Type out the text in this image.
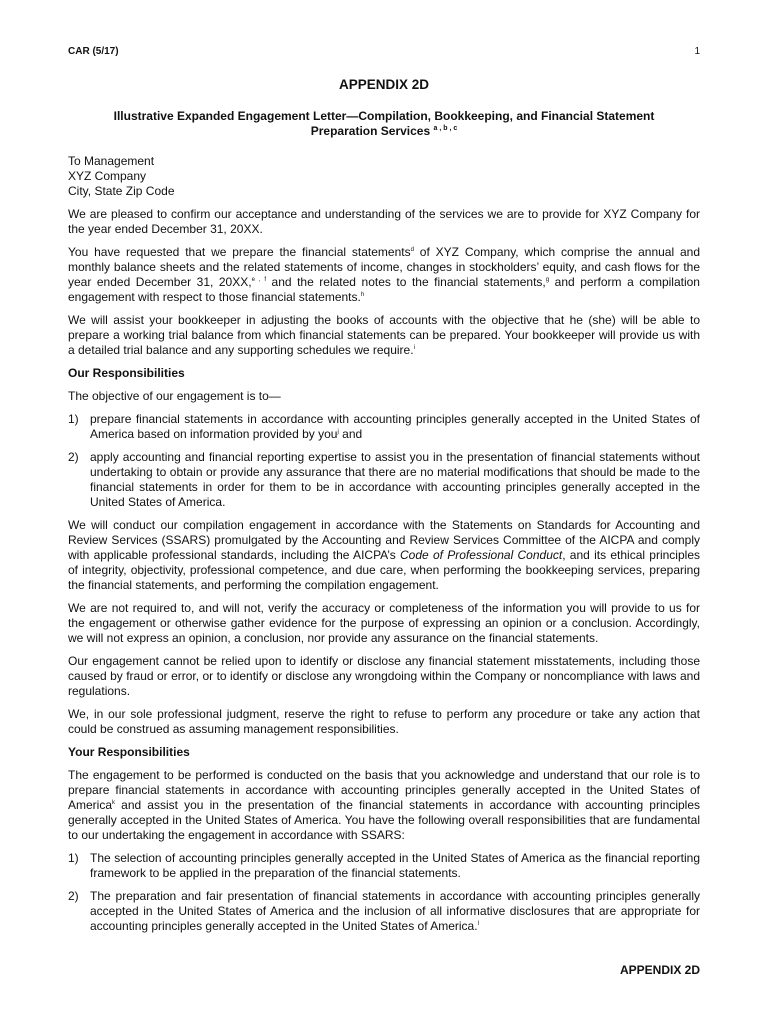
CAR (5/17)	1
APPENDIX 2D
Illustrative Expanded Engagement Letter—Compilation, Bookkeeping, and Financial Statement Preparation Services $^{a , b , c}$

To Management
XYZ Company
City, State Zip Code

We are pleased to confirm our acceptance and understanding of the services we are to provide for XYZ Company for the year ended December 31, 20XX.

You have requested that we prepare the financial statements$^d$ of XYZ Company, which comprise the annual and monthly balance sheets and the related statements of income, changes in stockholders’ equity, and cash flows for the year ended December 31, 20XX,$^{e , f}$ and the related notes to the financial statements,$^g$ and perform a compilation engagement with respect to those financial statements.$^h$

We will assist your bookkeeper in adjusting the books of accounts with the objective that he (she) will be able to prepare a working trial balance from which financial statements can be prepared. Your bookkeeper will provide us with a detailed trial balance and any supporting schedules we require.$^i$

Our Responsibilities

The objective of our engagement is to—

1) prepare financial statements in accordance with accounting principles generally accepted in the United States of America based on information provided by you$^j$ and
2) apply accounting and financial reporting expertise to assist you in the presentation of financial statements without undertaking to obtain or provide any assurance that there are no material modifications that should be made to the financial statements in order for them to be in accordance with accounting principles generally accepted in the United States of America.

We will conduct our compilation engagement in accordance with the Statements on Standards for Accounting and Review Services (SSARS) promulgated by the Accounting and Review Services Committee of the AICPA and comply with applicable professional standards, including the AICPA’s Code of Professional Conduct, and its ethical principles of integrity, objectivity, professional competence, and due care, when performing the bookkeeping services, preparing the financial statements, and performing the compilation engagement.

We are not required to, and will not, verify the accuracy or completeness of the information you will provide to us for the engagement or otherwise gather evidence for the purpose of expressing an opinion or a conclusion. Accordingly, we will not express an opinion, a conclusion, nor provide any assurance on the financial statements.

Our engagement cannot be relied upon to identify or disclose any financial statement misstatements, including those caused by fraud or error, or to identify or disclose any wrongdoing within the Company or noncompliance with laws and regulations.

We, in our sole professional judgment, reserve the right to refuse to perform any procedure or take any action that could be construed as assuming management responsibilities.

Your Responsibilities

The engagement to be performed is conducted on the basis that you acknowledge and understand that our role is to prepare financial statements in accordance with accounting principles generally accepted in the United States of America$^k$ and assist you in the presentation of the financial statements in accordance with accounting principles generally accepted in the United States of America. You have the following overall responsibilities that are fundamental to our undertaking the engagement in accordance with SSARS:

1) The selection of accounting principles generally accepted in the United States of America as the financial reporting framework to be applied in the preparation of the financial statements.
2) The preparation and fair presentation of financial statements in accordance with accounting principles generally accepted in the United States of America and the inclusion of all informative disclosures that are appropriate for accounting principles generally accepted in the United States of America.$^l$
APPENDIX 2D
